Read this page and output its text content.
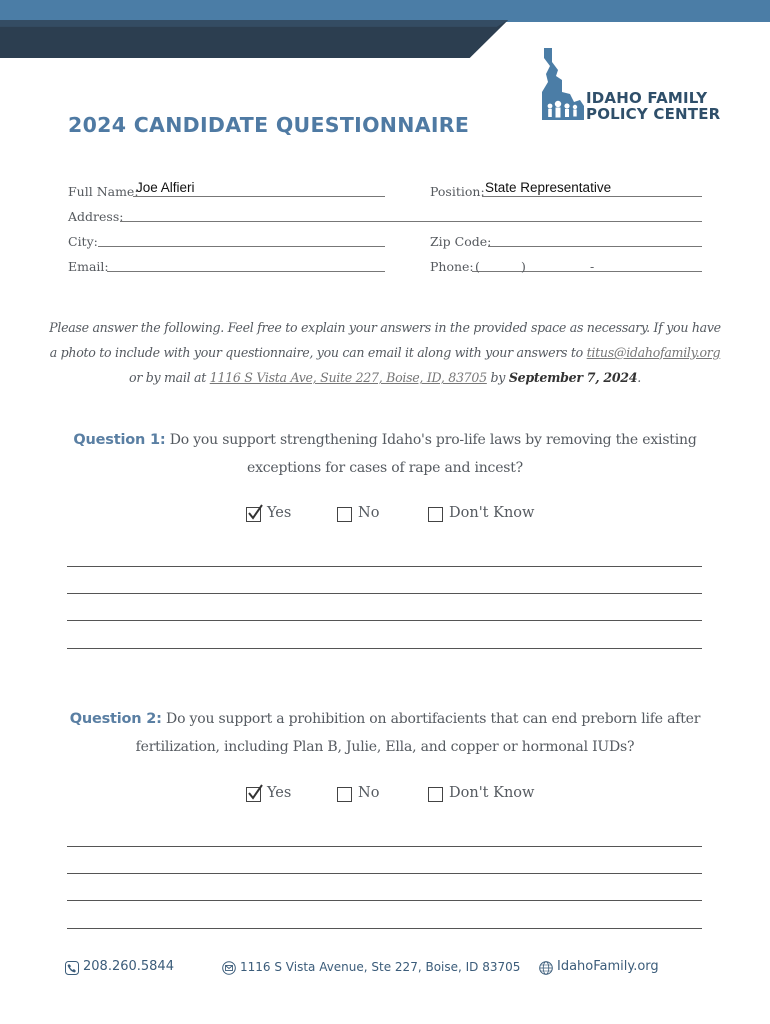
IDAHO FAMILY
POLICY CENTER
2024 CANDIDATE QUESTIONNAIRE
Full Name:
Joe Alfieri	Position: State Representative
Address:
City:	Zip Code:
Email:	Phone: (	)	-
Please answer the following. Feel free to explain your answers in the provided space as necessary. If you have
a photo to include with your questionnaire, you can email it along with your answers to titus@idahofamily.org
or by mail at 1116 S Vista Ave, Suite 227, Boise, ID, 83705 by September 7, 2024.
Question 1: Do you support strengthening Idaho's pro-life laws by removing the existing
exceptions for cases of rape and incest?
Yes	No	Don't Know
Question 2: Do you support a prohibition on abortifacients that can end preborn life after
fertilization, including Plan B, Julie, Ella, and copper or hormonal IUDs?
Yes	No	Don't Know
208.260.5844	1116 S Vista Avenue, Ste 227, Boise, ID 83705	IdahoFamily.org
